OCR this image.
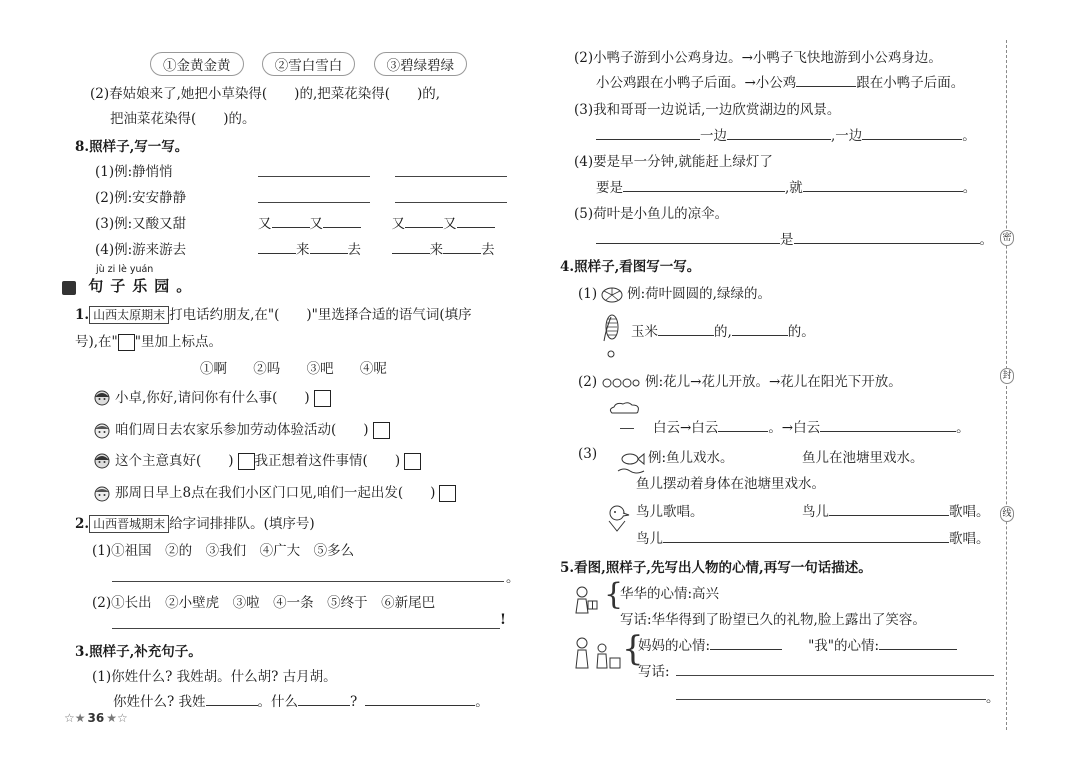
①金黄金黄	②雪白雪白	③碧绿碧绿
(2)春姑娘来了,她把小草染得(　　)的,把菜花染得(　　)的,
把油菜花染得(　　)的。
8.照样子,写一写。
(1)例:静悄悄
(2)例:安安静静
(3)例:又酸又甜	又	又	又	又
(4)例:游来游去	来	去	来	去
jù zi lè yuán
句子乐园。
1. 山西太原期末 打电话约朋友,在"(　　)"里选择合适的语气词(填序
号),在" "里加上标点。
①啊 ②吗 ③吧 ④呢
小卓,你好,请问你有什么事(　　)
咱们周日去农家乐参加劳动体验活动(　　)
这个主意真好(　　) 我正想着这件事情(　　)
那周日早上8点在我们小区门口见,咱们一起出发(　　)
2. 山西晋城期末 给字词排排队。(填序号)
(1)①祖国　②的　③我们　④广大　⑤多么
。
(2)①长出　②小壁虎　③啦　④一条　⑤终于　⑥新尾巴
!
3.照样子,补充句子。
(1)你姓什么? 我姓胡。什么胡? 古月胡。
你姓什么? 我姓	。什么	?	。
☆★ 36 ★☆
(2)小鸭子游到小公鸡身边。→小鸭子飞快地游到小公鸡身边。
小公鸡跟在小鸭子后面。→小公鸡	跟在小鸭子后面。
(3)我和哥哥一边说话,一边欣赏湖边的风景。
一边	,一边	。
(4)要是早一分钟,就能赶上绿灯了
要是	,就	。
(5)荷叶是小鱼儿的凉伞。
是	。
4.照样子,看图写一写。
(1) 例:荷叶圆圆的,绿绿的。
玉米	的,	的。
(2)	例:花儿→花儿开放。→花儿在阳光下开放。
白云→白云	。→白云	。
(3)	例:鱼儿戏水。	鱼儿在池塘里戏水。
鱼儿摆动着身体在池塘里戏水。
鸟儿歌唱。	鸟儿	歌唱。
鸟儿	歌唱。
5.看图,照样子,先写出人物的心情,再写一句话描述。
{
华华的心情:高兴
写话:华华得到了盼望已久的礼物,脸上露出了笑容。
{
妈妈的心情:	"我"的心情:
写话:
。
密
封
线
